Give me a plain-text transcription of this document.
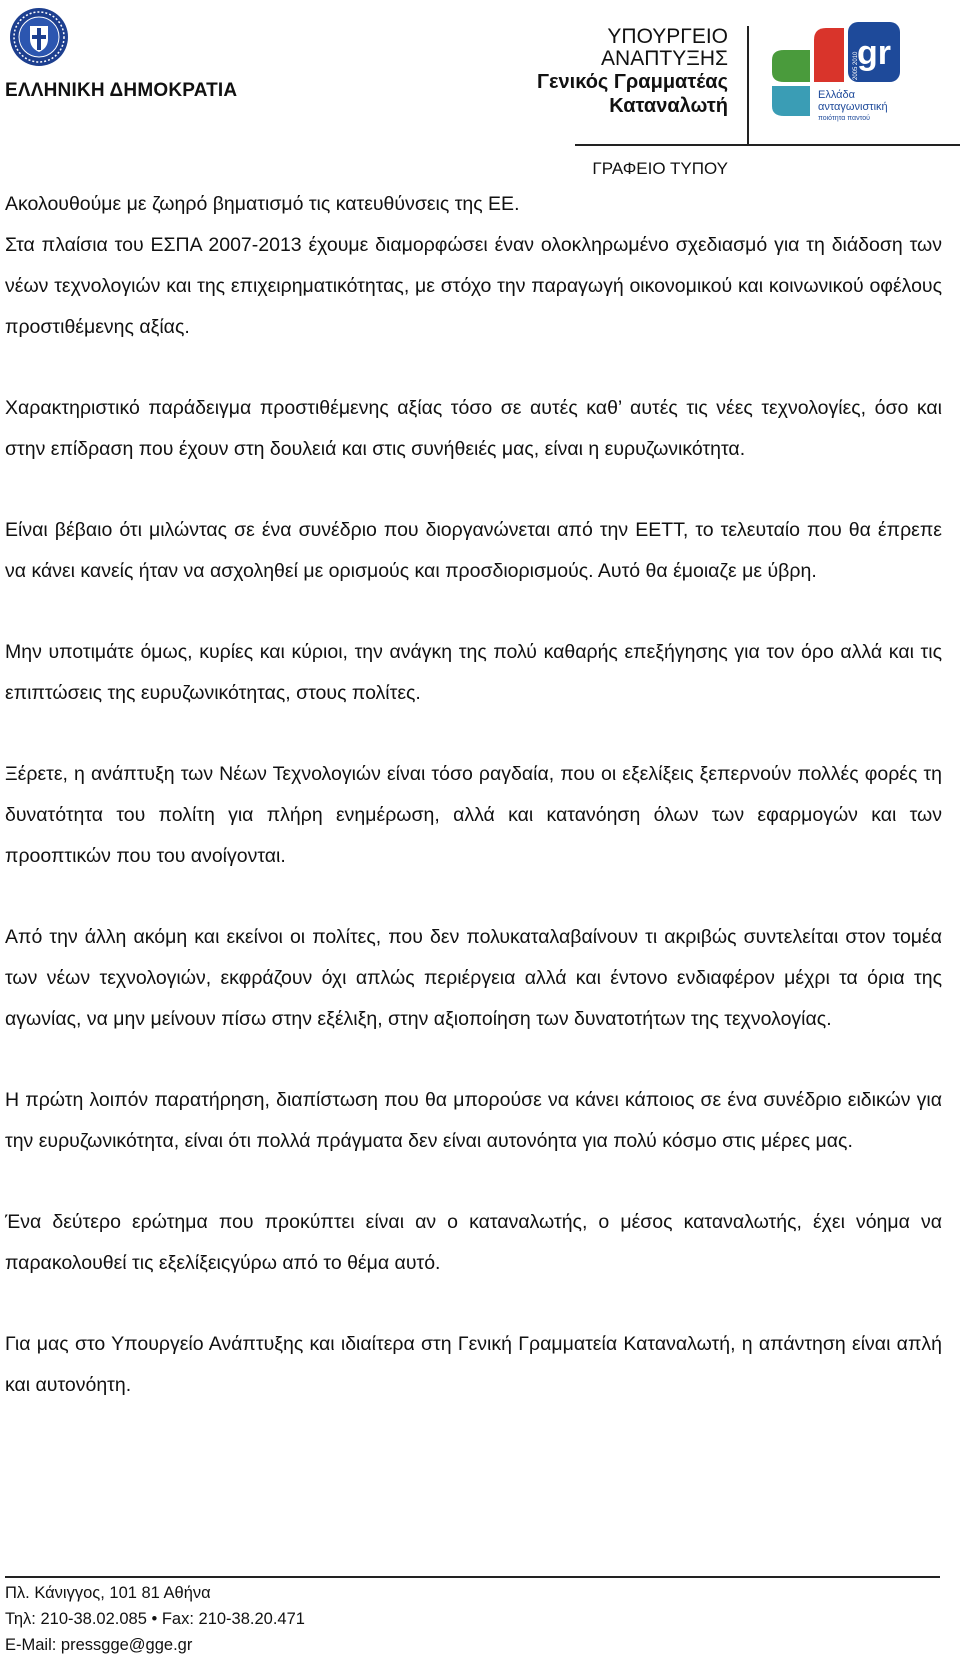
ΕΛΛΗΝΙΚΗ ΔΗΜΟΚΡΑΤΙΑ
ΥΠΟΥΡΓΕΙΟ
ΑΝΑΠΤΥΞΗΣ
Γενικός Γραμματέας
Καταναλωτή
gr
2005 2010
Ελλάδα
ανταγωνιστική
ποιότητα παντού
ΓΡΑΦΕΙΟ ΤΥΠΟΥ

Ακολουθούμε με ζωηρό βηματισμό τις κατευθύνσεις της ΕΕ.
Στα πλαίσια του ΕΣΠΑ 2007-2013 έχουμε διαμορφώσει έναν ολοκληρωμένο σχεδιασμό για τη διάδοση των νέων τεχνολογιών και της επιχειρηματικότητας, με στόχο την παραγωγή οικονομικού και κοινωνικού οφέλους προστιθέμενης αξίας.

Χαρακτηριστικό παράδειγμα προστιθέμενης αξίας τόσο σε αυτές καθ’ αυτές τις νέες τεχνολογίες, όσο και στην επίδραση που έχουν στη δουλειά και στις συνήθειές μας, είναι η ευρυζωνικότητα.

Είναι βέβαιο ότι μιλώντας σε ένα συνέδριο που διοργανώνεται από την ΕΕΤΤ, το τελευταίο που θα έπρεπε να κάνει κανείς ήταν να ασχοληθεί με ορισμούς και προσδιορισμούς. Αυτό θα έμοιαζε με ύβρη.

Μην υποτιμάτε όμως, κυρίες και κύριοι, την ανάγκη της πολύ καθαρής επεξήγησης για τον όρο αλλά και τις επιπτώσεις της ευρυζωνικότητας, στους πολίτες.

Ξέρετε, η ανάπτυξη των Νέων Τεχνολογιών είναι τόσο ραγδαία, που οι εξελίξεις ξεπερνούν πολλές φορές τη δυνατότητα του πολίτη για πλήρη ενημέρωση, αλλά και κατανόηση όλων των εφαρμογών και των προοπτικών που του ανοίγονται.

Από την άλλη ακόμη και εκείνοι οι πολίτες, που δεν πολυκαταλαβαίνουν τι ακριβώς συντελείται στον τομέα των νέων τεχνολογιών, εκφράζουν όχι απλώς περιέργεια αλλά και έντονο ενδιαφέρον μέχρι τα όρια της αγωνίας, να μην μείνουν πίσω στην εξέλιξη, στην αξιοποίηση των δυνατοτήτων της τεχνολογίας.

Η πρώτη λοιπόν παρατήρηση, διαπίστωση που θα μπορούσε να κάνει κάποιος σε ένα συνέδριο ειδικών για την ευρυζωνικότητα, είναι ότι πολλά πράγματα δεν είναι αυτονόητα για πολύ κόσμο στις μέρες μας.

Ένα δεύτερο ερώτημα που προκύπτει είναι αν ο καταναλωτής, ο μέσος καταναλωτής, έχει νόημα να παρακολουθεί τις εξελίξειςγύρω από το θέμα αυτό.

Για μας στο Υπουργείο Ανάπτυξης και ιδιαίτερα στη Γενική Γραμματεία Καταναλωτή, η απάντηση είναι απλή και αυτονόητη.

Πλ. Κάνιγγος, 101 81 Αθήνα
Τηλ: 210-38.02.085 • Fax: 210-38.20.471
E-Mail: pressgge@gge.gr
